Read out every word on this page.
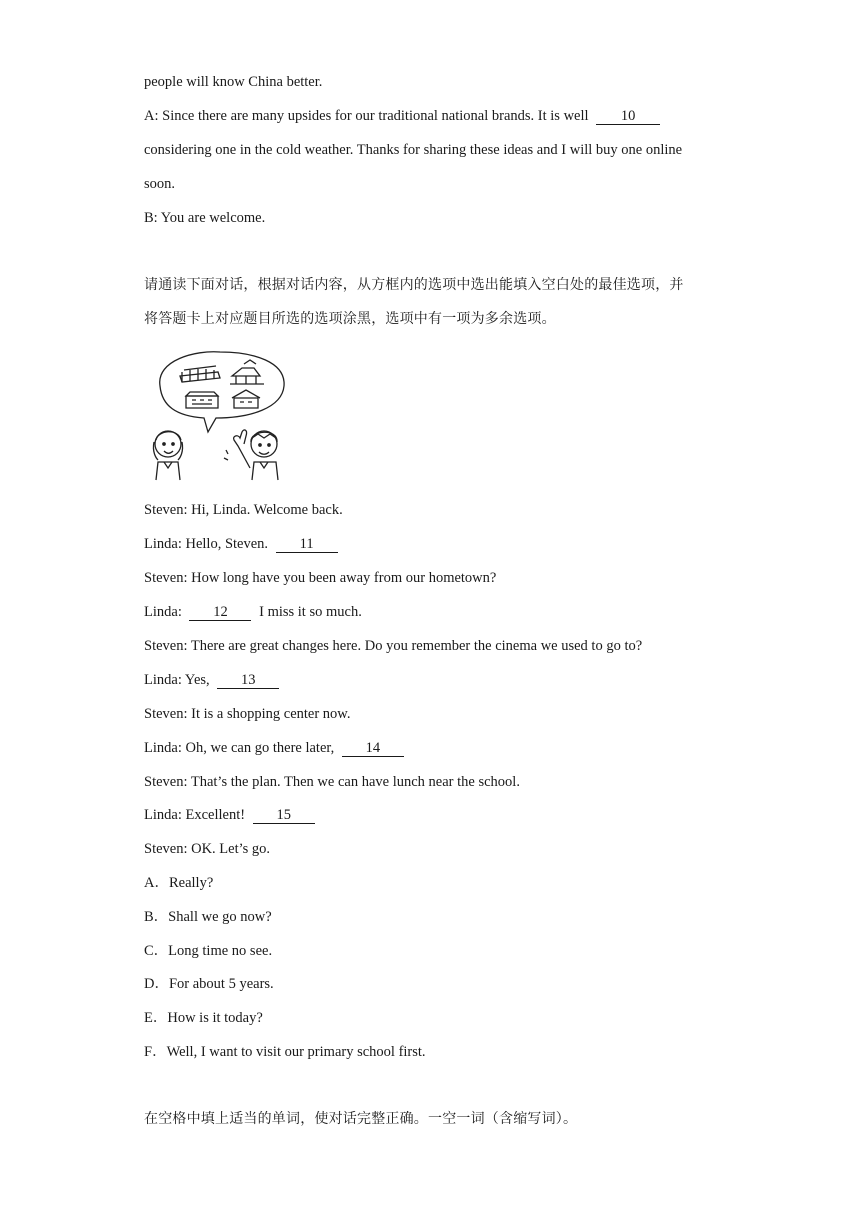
people will know China better.
A: Since there are many upsides for our traditional national brands. It is well 10
considering one in the cold weather. Thanks for sharing these ideas and I will buy one online
soon.
B: You are welcome.
请通读下面对话，根据对话内容，从方框内的选项中选出能填入空白处的最佳选项，并
将答题卡上对应题目所选的选项涂黑，选项中有一项为多余选项。
Steven: Hi, Linda. Welcome back.
Linda: Hello, Steven. 11
Steven: How long have you been away from our hometown?
Linda: 12 I miss it so much.
Steven: There are great changes here. Do you remember the cinema we used to go to?
Linda: Yes, 13
Steven: It is a shopping center now.
Linda: Oh, we can go there later, 14
Steven: That’s the plan. Then we can have lunch near the school.
Linda: Excellent! 15
Steven: OK. Let’s go.
A．Really?
B．Shall we go now?
C．Long time no see.
D．For about 5 years.
E．How is it today?
F．Well, I want to visit our primary school first.
在空格中填上适当的单词，使对话完整正确。一空一词（含缩写词）。
